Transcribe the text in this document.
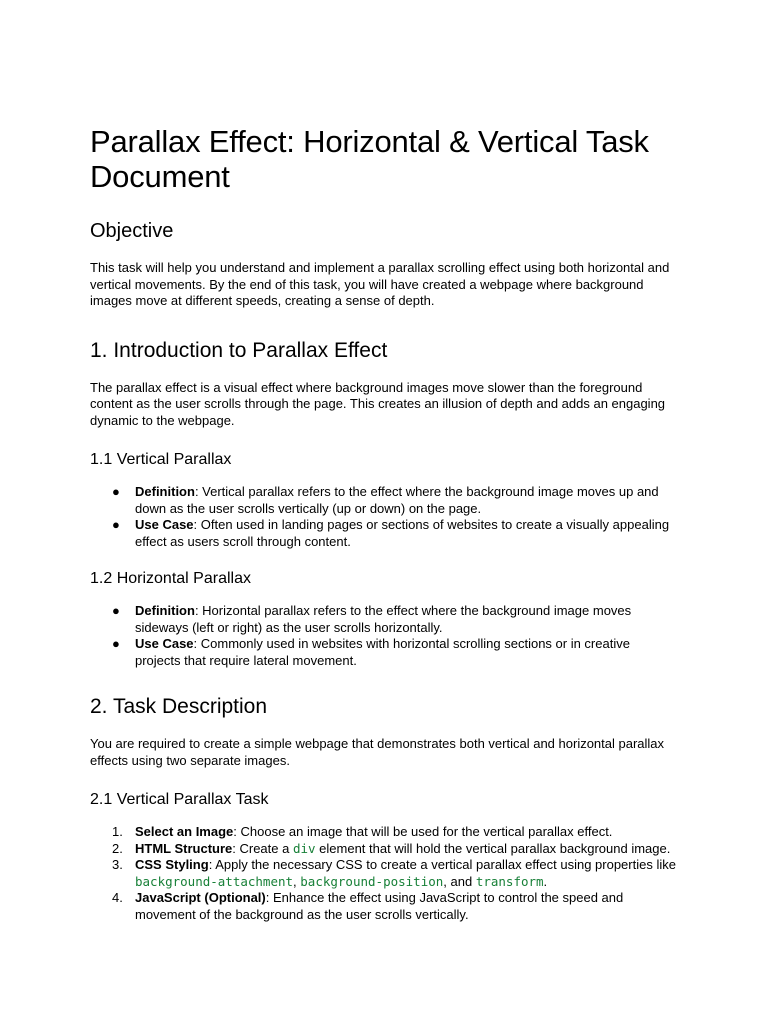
Parallax Effect: Horizontal & Vertical Task Document
Objective

This task will help you understand and implement a parallax scrolling effect using both horizontal and vertical movements. By the end of this task, you will have created a webpage where background images move at different speeds, creating a sense of depth.

1. Introduction to Parallax Effect

The parallax effect is a visual effect where background images move slower than the foreground content as the user scrolls through the page. This creates an illusion of depth and adds an engaging dynamic to the webpage.

1.1 Vertical Parallax
● Definition: Vertical parallax refers to the effect where the background image moves up and down as the user scrolls vertically (up or down) on the page.
● Use Case: Often used in landing pages or sections of websites to create a visually appealing effect as users scroll through content.
1.2 Horizontal Parallax
● Definition: Horizontal parallax refers to the effect where the background image moves sideways (left or right) as the user scrolls horizontally.
● Use Case: Commonly used in websites with horizontal scrolling sections or in creative projects that require lateral movement.
2. Task Description

You are required to create a simple webpage that demonstrates both vertical and horizontal parallax effects using two separate images.

2.1 Vertical Parallax Task
1. Select an Image: Choose an image that will be used for the vertical parallax effect.
2. HTML Structure: Create a div element that will hold the vertical parallax background image.
3. CSS Styling: Apply the necessary CSS to create a vertical parallax effect using properties like background-attachment, background-position, and transform.
4. JavaScript (Optional): Enhance the effect using JavaScript to control the speed and movement of the background as the user scrolls vertically.
